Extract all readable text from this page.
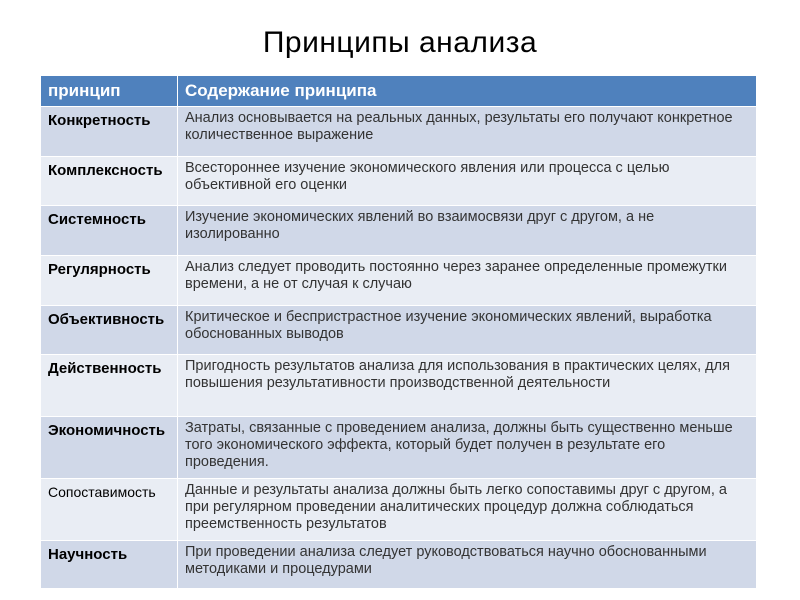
Принципы анализа
принцип	Содержание принципа
Конкретность	Анализ основывается на реальных данных, результаты его получают конкретное количественное выражение
Комплексность	Всестороннее изучение экономического явления или процесса с целью объективной его оценки
Системность	Изучение экономических явлений во взаимосвязи друг с другом, а не изолированно
Регулярность	Анализ следует проводить постоянно через заранее определенные промежутки времени, а не от случая к случаю
Объективность	Критическое и беспристрастное изучение экономических явлений, выработка обоснованных выводов
Действенность	Пригодность результатов анализа для использования в практических целях, для повышения результативности производственной деятельности
Экономичность	Затраты, связанные с проведением анализа, должны быть существенно меньше того экономического эффекта, который будет получен в результате его проведения.
Сопоставимость	Данные и результаты анализа должны быть легко сопоставимы друг с другом, а при регулярном проведении аналитических процедур должна соблюдаться преемственность результатов
Научность	При проведении анализа следует руководствоваться научно обоснованными методиками и процедурами
